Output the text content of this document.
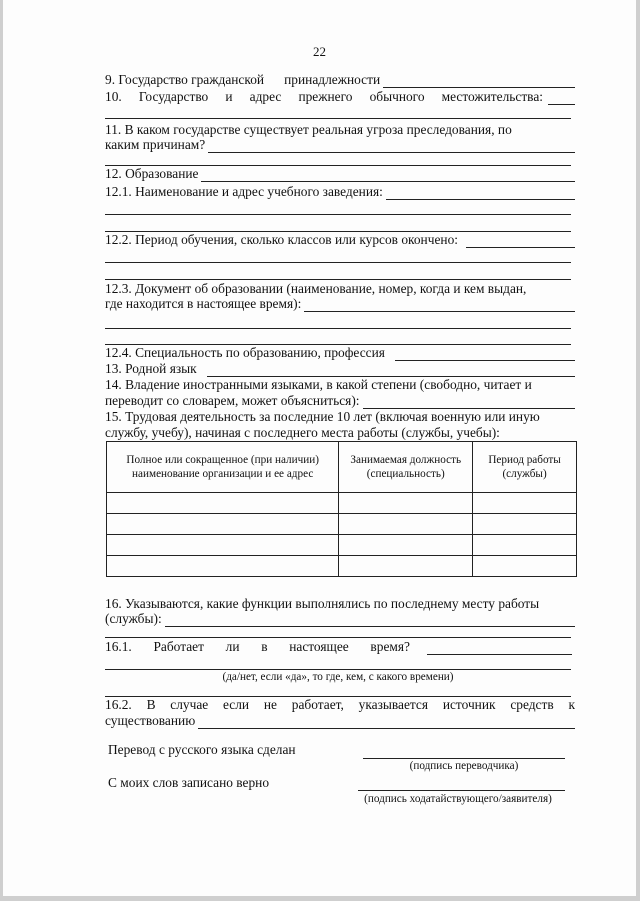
22
9. Государство гражданской      принадлежности
10. Государство и адрес прежнего обычного местожительства:
11. В каком государстве существует реальная угроза преследования, по
каким причинам?
12. Образование
12.1. Наименование и адрес учебного заведения:
12.2. Период обучения, сколько классов или курсов окончено:
12.3. Документ об образовании (наименование, номер, когда и кем выдан,
где находится в настоящее время):
12.4. Специальность по образованию, профессия
13. Родной язык
14. Владение иностранными языками, в какой степени (свободно, читает и
переводит со словарем, может объясниться):
15. Трудовая деятельность за последние 10 лет (включая военную или иную
службу, учебу), начиная с последнего места работы (службы, учебы):
Полное или сокращенное (при наличии) наименование организации и ее адрес	Занимаемая должность (специальность)	Период работы (службы)

16. Указываются, какие функции выполнялись по последнему месту работы
(службы):
16.1. Работает ли в настоящее время?
(да/нет, если «да», то где, кем, с какого времени)
16.2. В случае если не работает, указывается источник средств к
существованию
Перевод с русского языка сделан
(подпись переводчика)
С моих слов записано верно
(подпись ходатайствующего/заявителя)
